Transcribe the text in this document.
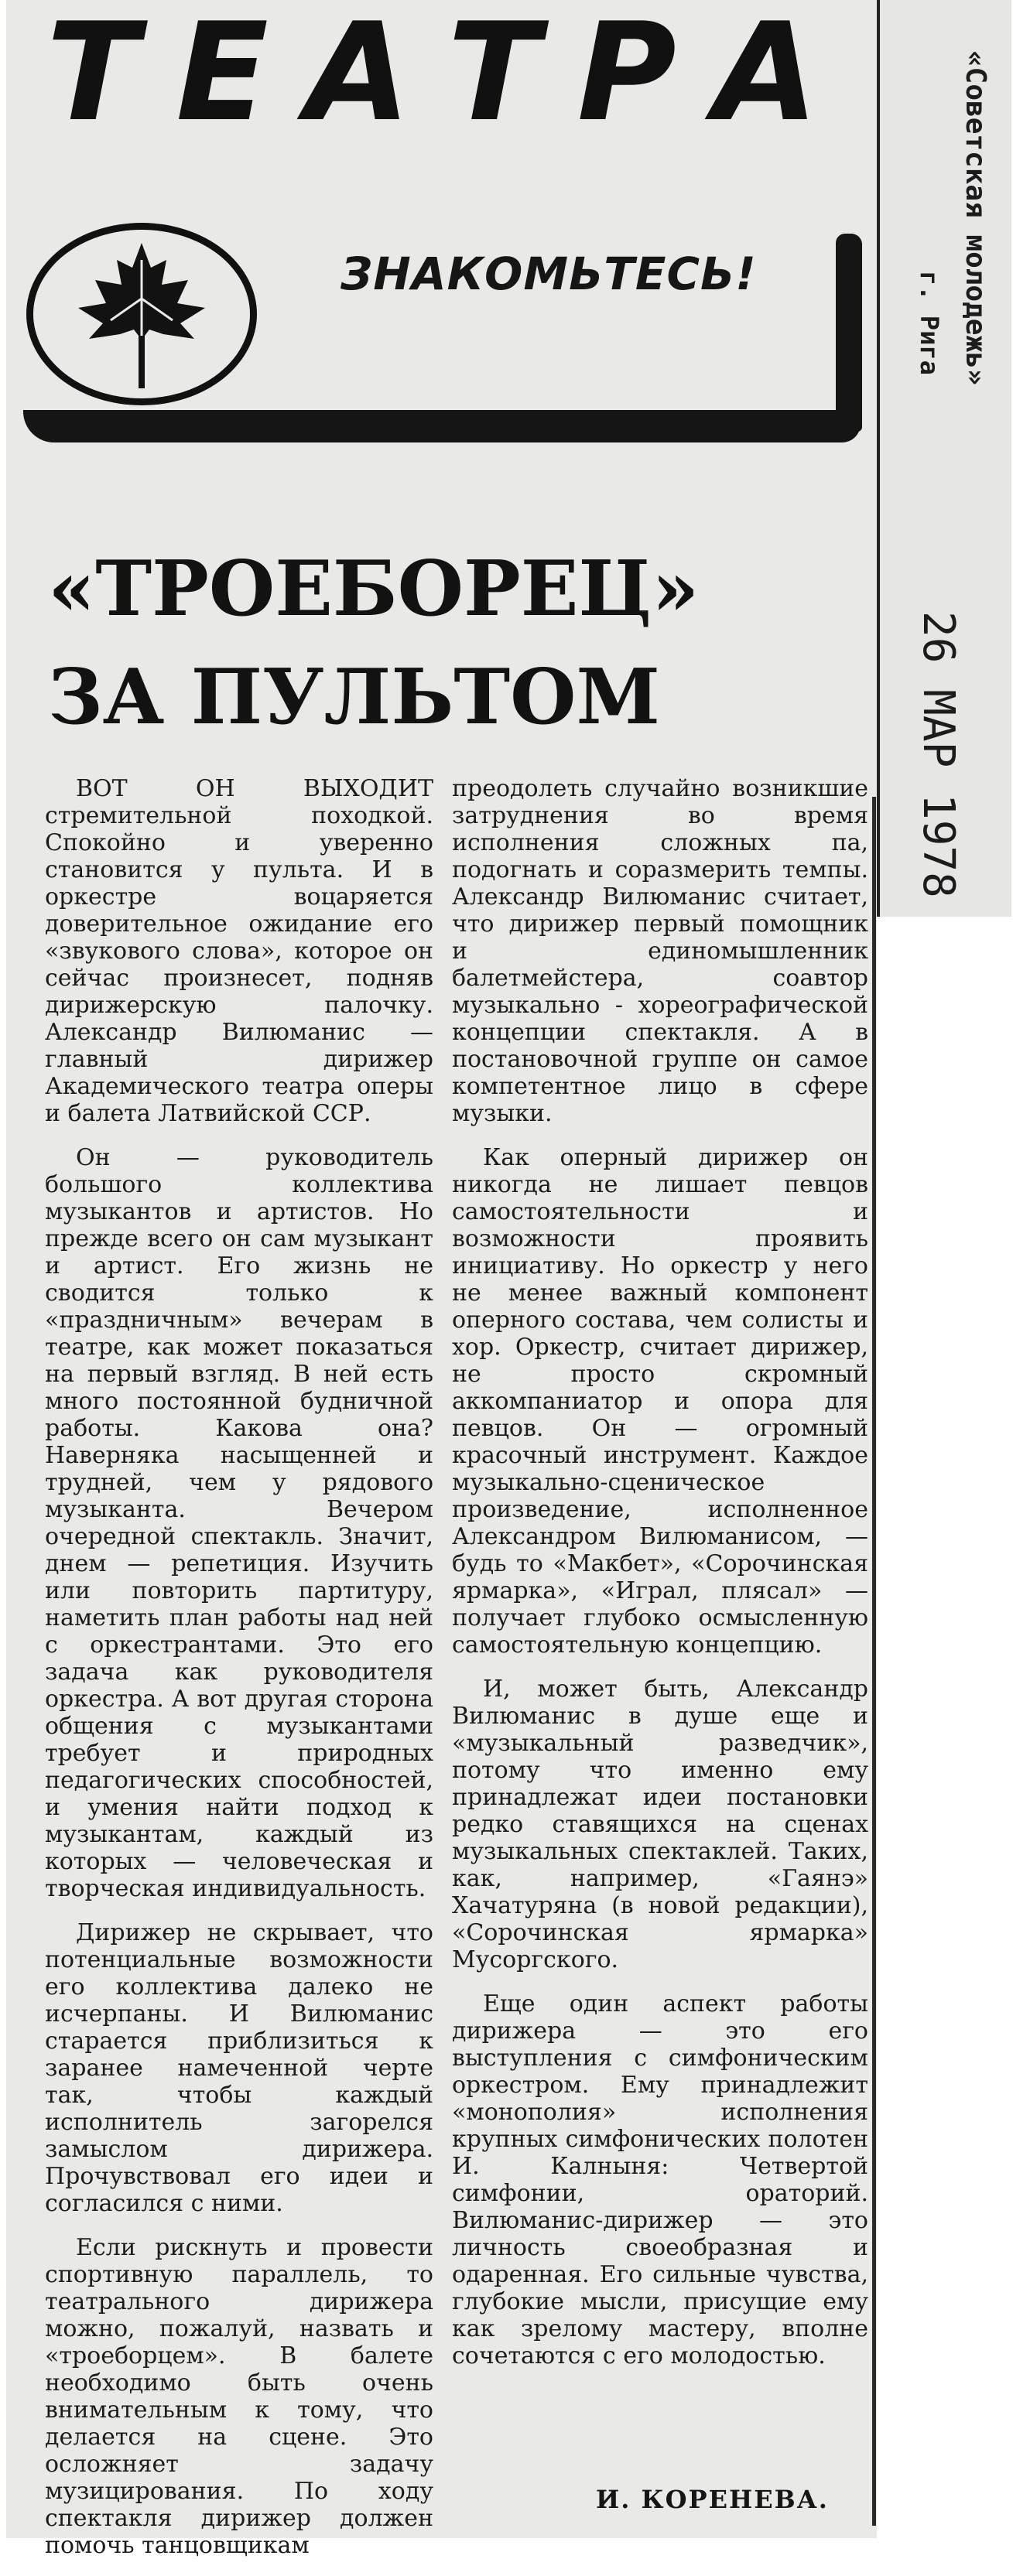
ТЕАТРА

ЗНАКОМЬТЕСЬ!	«Советская молодежь»
г. Рига
26 МАР 1978
«ТРОЕБОРЕЦ»
ЗА ПУЛЬТОМ

ВОТ ОН ВЫХОДИТ стремительной походкой. Спокойно и уверенно становится у пульта. И в оркестре воцаряется доверительное ожидание его «звукового слова», которое он сейчас произнесет, подняв дирижерскую палочку. Александр Вилюманис — главный дирижер Академического театра оперы и балета Латвийской ССР.

Он — руководитель большого коллектива музыкантов и артистов. Но прежде всего он сам музыкант и артист. Его жизнь не сводится только к «праздничным» вечерам в театре, как может показаться на первый взгляд. В ней есть много постоянной будничной работы. Какова она? Наверняка насыщенней и трудней, чем у рядового музыканта. Вечером очередной спектакль. Значит, днем — репетиция. Изучить или повторить партитуру, наметить план работы над ней с оркестрантами. Это его задача как руководителя оркестра. А вот другая сторона общения с музыкантами требует и природных педагогических способностей, и умения найти подход к музыкантам, каждый из которых — человеческая и творческая индивидуальность.

Дирижер не скрывает, что потенциальные возможности его коллектива далеко не исчерпаны. И Вилюманис старается приблизиться к заранее намеченной черте так, чтобы каждый исполнитель загорелся замыслом дирижера. Прочувствовал его идеи и согласился с ними.

Если рискнуть и провести спортивную параллель, то театрального дирижера можно, пожалуй, назвать и «троеборцем». В балете необходимо быть очень внимательным к тому, что делается на сцене. Это осложняет задачу музицирования. По ходу спектакля дирижер должен помочь танцовщикам

преодолеть случайно возникшие затруднения во время исполнения сложных па, подогнать и соразмерить темпы. Александр Вилюманис считает, что дирижер первый помощник и единомышленник балетмейстера, соавтор музыкально - хореографической концепции спектакля. А в постановочной группе он самое компетентное лицо в сфере музыки.

Как оперный дирижер он никогда не лишает певцов самостоятельности и возможности проявить инициативу. Но оркестр у него не менее важный компонент оперного состава, чем солисты и хор. Оркестр, считает дирижер, не просто скромный аккомпаниатор и опора для певцов. Он — огромный красочный инструмент. Каждое музыкально-сценическое произведение, исполненное Александром Вилюманисом, — будь то «Макбет», «Сорочинская ярмарка», «Играл, плясал» — получает глубоко осмысленную самостоятельную концепцию.

И, может быть, Александр Вилюманис в душе еще и «музыкальный разведчик», потому что именно ему принадлежат идеи постановки редко ставящихся на сценах музыкальных спектаклей. Таких, как, например, «Гаянэ» Хачатуряна (в новой редакции), «Сорочинская ярмарка» Мусоргского.

Еще один аспект работы дирижера — это его выступления с симфоническим оркестром. Ему принадлежит «монополия» исполнения крупных симфонических полотен И. Калныня: Четвертой симфонии, ораторий. Вилюманис-дирижер — это личность своеобразная и одаренная. Его сильные чувства, глубокие мысли, присущие ему как зрелому мастеру, вполне сочетаются с его молодостью.

И. КОРЕНЕВА.
